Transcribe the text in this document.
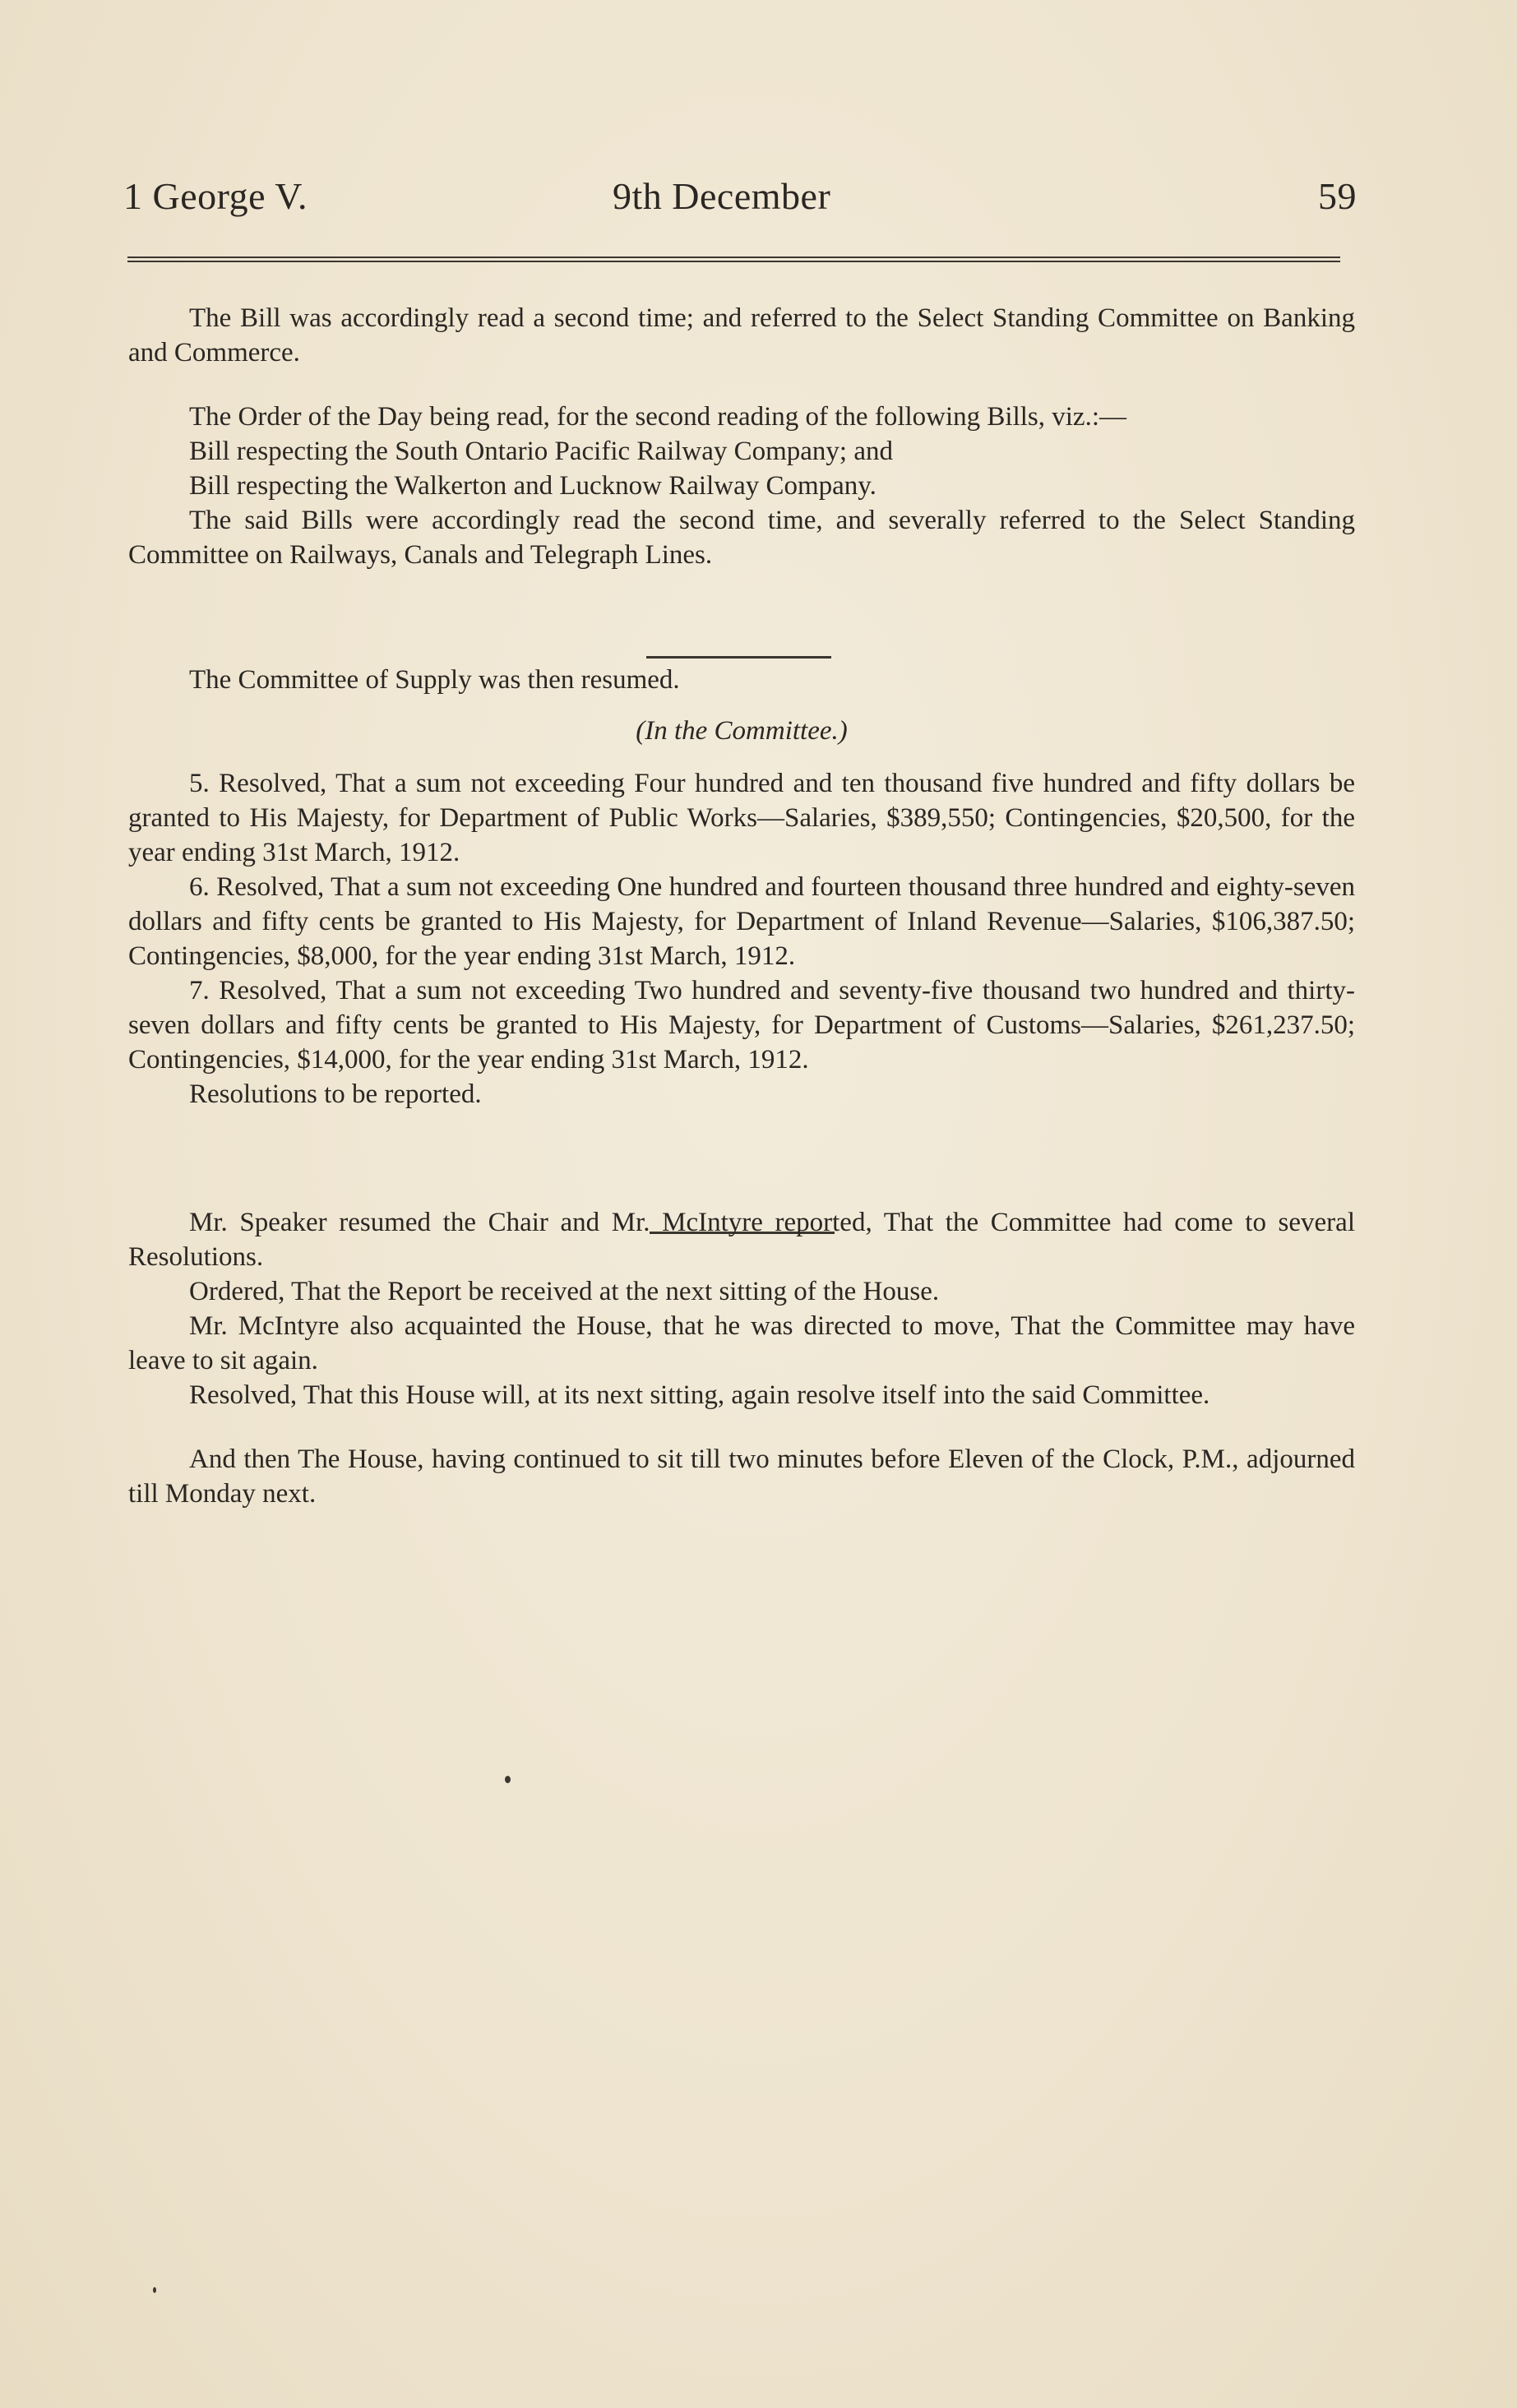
1 George V.	9th December	59

The Bill was accordingly read a second time; and referred to the Select Standing Committee on Banking and Commerce.

The Order of the Day being read, for the second reading of the following Bills, viz.:—

Bill respecting the South Ontario Pacific Railway Company; and

Bill respecting the Walkerton and Lucknow Railway Company.

The said Bills were accordingly read the second time, and severally referred to the Select Standing Committee on Railways, Canals and Telegraph Lines.

The Committee of Supply was then resumed.

(In the Committee.)

5. Resolved, That a sum not exceeding Four hundred and ten thousand five hundred and fifty dollars be granted to His Majesty, for Department of Public Works—Salaries, $389,550; Contingencies, $20,500, for the year ending 31st March, 1912.

6. Resolved, That a sum not exceeding One hundred and fourteen thousand three hundred and eighty-seven dollars and fifty cents be granted to His Majesty, for Department of Inland Revenue—Salaries, $106,387.50; Contingencies, $8,000, for the year ending 31st March, 1912.

7. Resolved, That a sum not exceeding Two hundred and seventy-five thousand two hundred and thirty-seven dollars and fifty cents be granted to His Majesty, for Department of Customs—Salaries, $261,237.50; Contingencies, $14,000, for the year ending 31st March, 1912.

Resolutions to be reported.

Mr. Speaker resumed the Chair and Mr. McIntyre reported, That the Committee had come to several Resolutions.

Ordered, That the Report be received at the next sitting of the House.

Mr. McIntyre also acquainted the House, that he was directed to move, That the Committee may have leave to sit again.

Resolved, That this House will, at its next sitting, again resolve itself into the said Committee.

And then The House, having continued to sit till two minutes before Eleven of the Clock, P.M., adjourned till Monday next.
